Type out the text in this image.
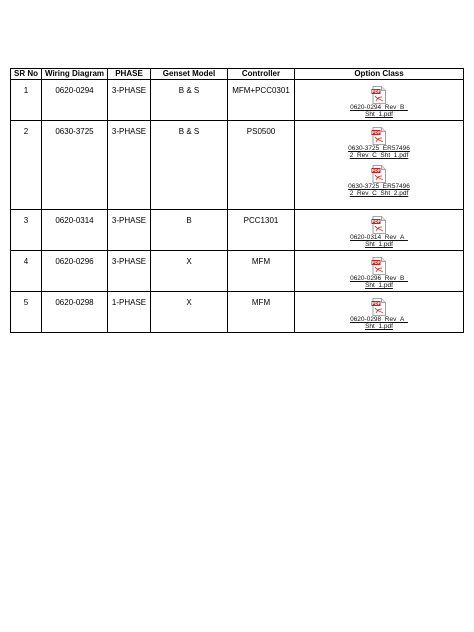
SR No	Wiring Diagram	PHASE	Genset Model	Controller	Option Class
1	0620-0294	3-PHASE	B & S	MFM+PCC0301	PDF
0620-0294_Rev_B_Sht_1.pdf

2	0630-3725	3-PHASE	B & S	PS0500	PDF
0630-3725_ER57496 2_Rev_C_Sht_1.pdf
PDF
0630-3725_ER57496 2_Rev_C_Sht_2.pdf

3	0620-0314	3-PHASE	B	PCC1301	PDF
0620-0314_Rev_A_Sht_1.pdf

4	0620-0296	3-PHASE	X	MFM	PDF
0620-0296_Rev_B_Sht_1.pdf

5	0620-0298	1-PHASE	X	MFM	PDF
0620-0298_Rev_A_Sht_1.pdf
